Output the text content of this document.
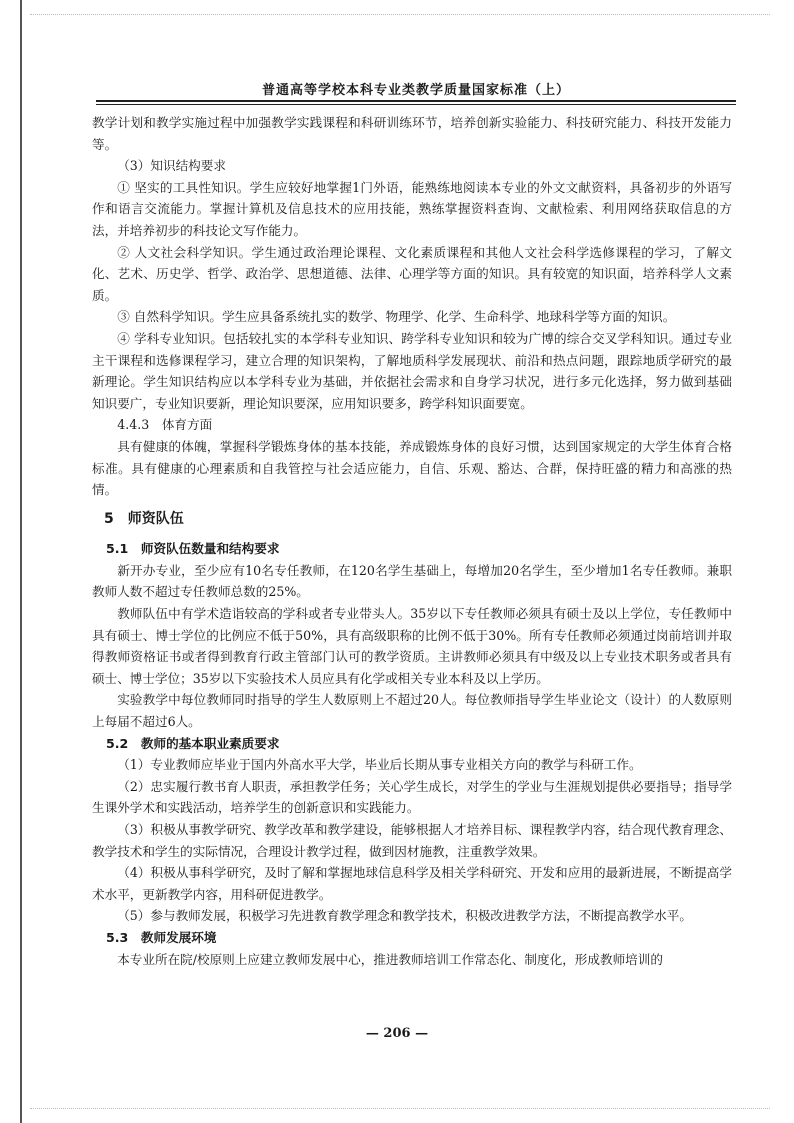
普通高等学校本科专业类教学质量国家标准（上）

教学计划和教学实施过程中加强教学实践课程和科研训练环节，培养创新实验能力、科技研究能力、科技开发能力等。

（3）知识结构要求

① 坚实的工具性知识。学生应较好地掌握1门外语，能熟练地阅读本专业的外文文献资料，具备初步的外语写作和语言交流能力。掌握计算机及信息技术的应用技能，熟练掌握资料查询、文献检索、利用网络获取信息的方法，并培养初步的科技论文写作能力。

② 人文社会科学知识。学生通过政治理论课程、文化素质课程和其他人文社会科学选修课程的学习，了解文化、艺术、历史学、哲学、政治学、思想道德、法律、心理学等方面的知识。具有较宽的知识面，培养科学人文素质。

③ 自然科学知识。学生应具备系统扎实的数学、物理学、化学、生命科学、地球科学等方面的知识。

④ 学科专业知识。包括较扎实的本学科专业知识、跨学科专业知识和较为广博的综合交叉学科知识。通过专业主干课程和选修课程学习，建立合理的知识架构，了解地质科学发展现状、前沿和热点问题，跟踪地质学研究的最新理论。学生知识结构应以本学科专业为基础，并依据社会需求和自身学习状况，进行多元化选择，努力做到基础知识要广，专业知识要新，理论知识要深，应用知识要多，跨学科知识面要宽。

4.4.3　体育方面

具有健康的体魄，掌握科学锻炼身体的基本技能，养成锻炼身体的良好习惯，达到国家规定的大学生体育合格标准。具有健康的心理素质和自我管控与社会适应能力，自信、乐观、豁达、合群，保持旺盛的精力和高涨的热情。

5　师资队伍

5.1　师资队伍数量和结构要求

新开办专业，至少应有10名专任教师，在120名学生基础上，每增加20名学生，至少增加1名专任教师。兼职教师人数不超过专任教师总数的25%。

教师队伍中有学术造诣较高的学科或者专业带头人。35岁以下专任教师必须具有硕士及以上学位，专任教师中具有硕士、博士学位的比例应不低于50%，具有高级职称的比例不低于30%。所有专任教师必须通过岗前培训并取得教师资格证书或者得到教育行政主管部门认可的教学资质。主讲教师必须具有中级及以上专业技术职务或者具有硕士、博士学位；35岁以下实验技术人员应具有化学或相关专业本科及以上学历。

实验教学中每位教师同时指导的学生人数原则上不超过20人。每位教师指导学生毕业论文（设计）的人数原则上每届不超过6人。

5.2　教师的基本职业素质要求

（1）专业教师应毕业于国内外高水平大学，毕业后长期从事专业相关方向的教学与科研工作。

（2）忠实履行教书育人职责，承担教学任务；关心学生成长，对学生的学业与生涯规划提供必要指导；指导学生课外学术和实践活动，培养学生的创新意识和实践能力。

（3）积极从事教学研究、教学改革和教学建设，能够根据人才培养目标、课程教学内容，结合现代教育理念、教学技术和学生的实际情况，合理设计教学过程，做到因材施教，注重教学效果。

（4）积极从事科学研究，及时了解和掌握地球信息科学及相关学科研究、开发和应用的最新进展，不断提高学术水平，更新教学内容，用科研促进教学。

（5）参与教师发展，积极学习先进教育教学理念和教学技术，积极改进教学方法，不断提高教学水平。

5.3　教师发展环境

本专业所在院/校原则上应建立教师发展中心，推进教师培训工作常态化、制度化，形成教师培训的

— 206 —
